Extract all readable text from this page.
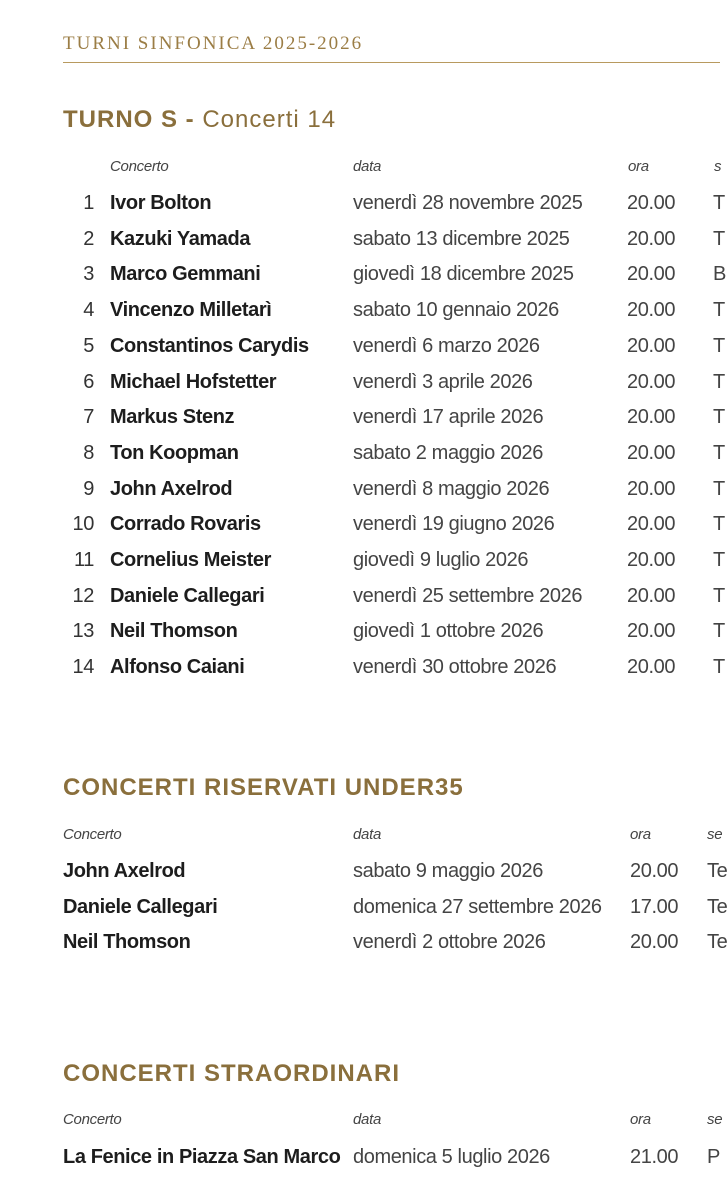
TURNI SINFONICA 2025-2026
TURNO S - Concerti 14
Concerto	data	ora	s
1 Ivor Bolton	venerdì 28 novembre 2025 20.00 T
2 Kazuki Yamada	sabato 13 dicembre 2025	20.00 T
3 Marco Gemmani	giovedì 18 dicembre 2025	20.00 B
4 Vincenzo Milletarì	sabato 10 gennaio 2026	20.00 T
5 Constantinos Carydis venerdì 6 marzo 2026	20.00 T
6 Michael Hofstetter	venerdì 3 aprile 2026	20.00 T
7 Markus Stenz	venerdì 17 aprile 2026	20.00 T
8 Ton Koopman	sabato 2 maggio 2026	20.00 T
9 John Axelrod	venerdì 8 maggio 2026	20.00 T
10 Corrado Rovaris	venerdì 19 giugno 2026	20.00 T
11 Cornelius Meister	giovedì 9 luglio 2026	20.00 T
12 Daniele Callegari	venerdì 25 settembre 2026 20.00 T
13 Neil Thomson	giovedì 1 ottobre 2026	20.00 T
14 Alfonso Caiani	venerdì 30 ottobre 2026	20.00 T
CONCERTI RISERVATI UNDER35
Concerto	data	ora	se
John Axelrod	sabato 9 maggio 2026	20.00 Te
Daniele Callegari	domenica 27 settembre 2026 17.00 Te
Neil Thomson	venerdì 2 ottobre 2026	20.00 Te
CONCERTI STRAORDINARI
Concerto	data	ora	se
La Fenice in Piazza San Marco domenica 5 luglio 2026	21.00 P
